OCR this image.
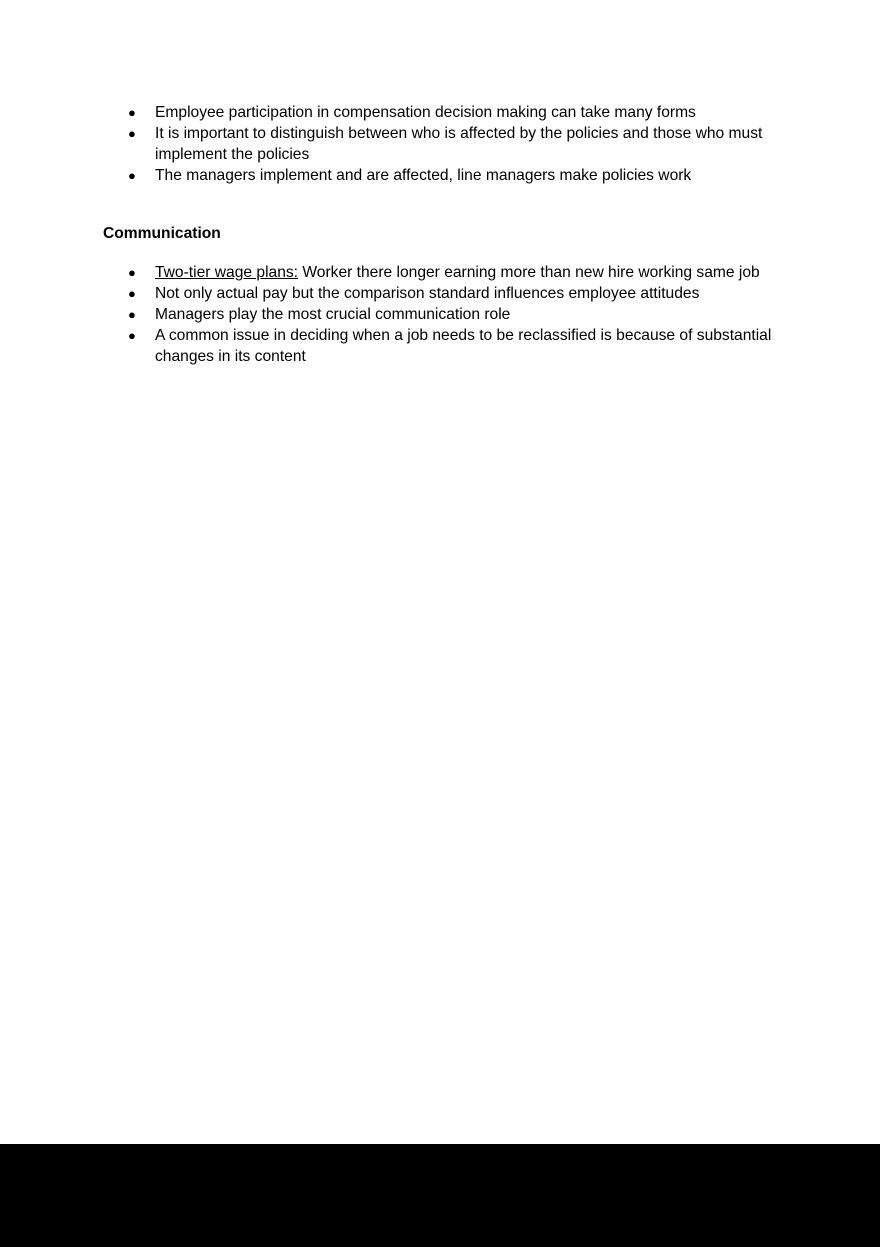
● Employee participation in compensation decision making can take many forms
● It is important to distinguish between who is affected by the policies and those who must implement the policies
● The managers implement and are affected, line managers make policies work
Communication
● Two-tier wage plans: Worker there longer earning more than new hire working same job
● Not only actual pay but the comparison standard influences employee attitudes
● Managers play the most crucial communication role
● A common issue in deciding when a job needs to be reclassified is because of substantial changes in its content
